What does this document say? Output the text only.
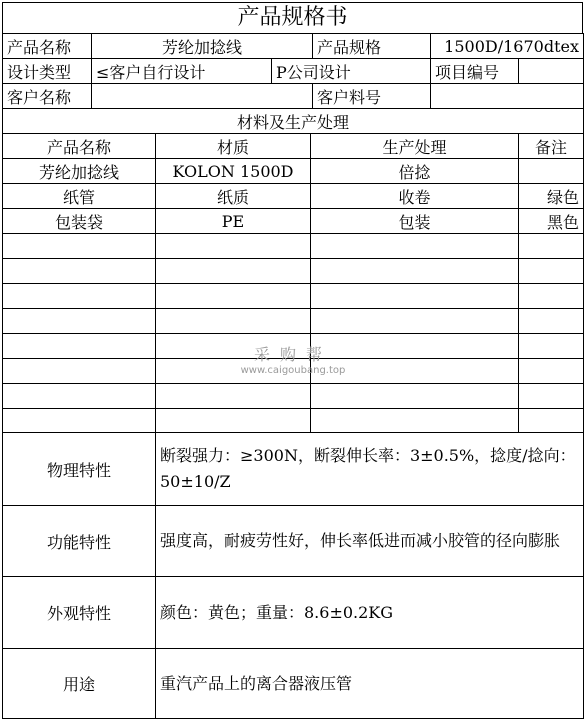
产品规格书
产品名称	芳纶加捻线	产品规格	1500D/1670dtex
设计类型	≤客户自行设计	P公司设计	项目编号	
客户名称		客户料号	
材料及生产处理			
产品名称	材质	生产处理	备注
芳纶加捻线	KOLON 1500D	倍捻	
纸管	纸质	收卷	绿色
包装袋	PE	包装	黑色

物理特性	断裂强力：≥300N，断裂伸长率：3±0.5%，捻度/捻向：50±10/Z
功能特性	强度高，耐疲劳性好，伸长率低进而减小胶管的径向膨胀
外观特性	颜色：黄色；重量：8.6±0.2KG
用途	重汽产品上的离合器液压管
采购帮
www.caigoubang.top
